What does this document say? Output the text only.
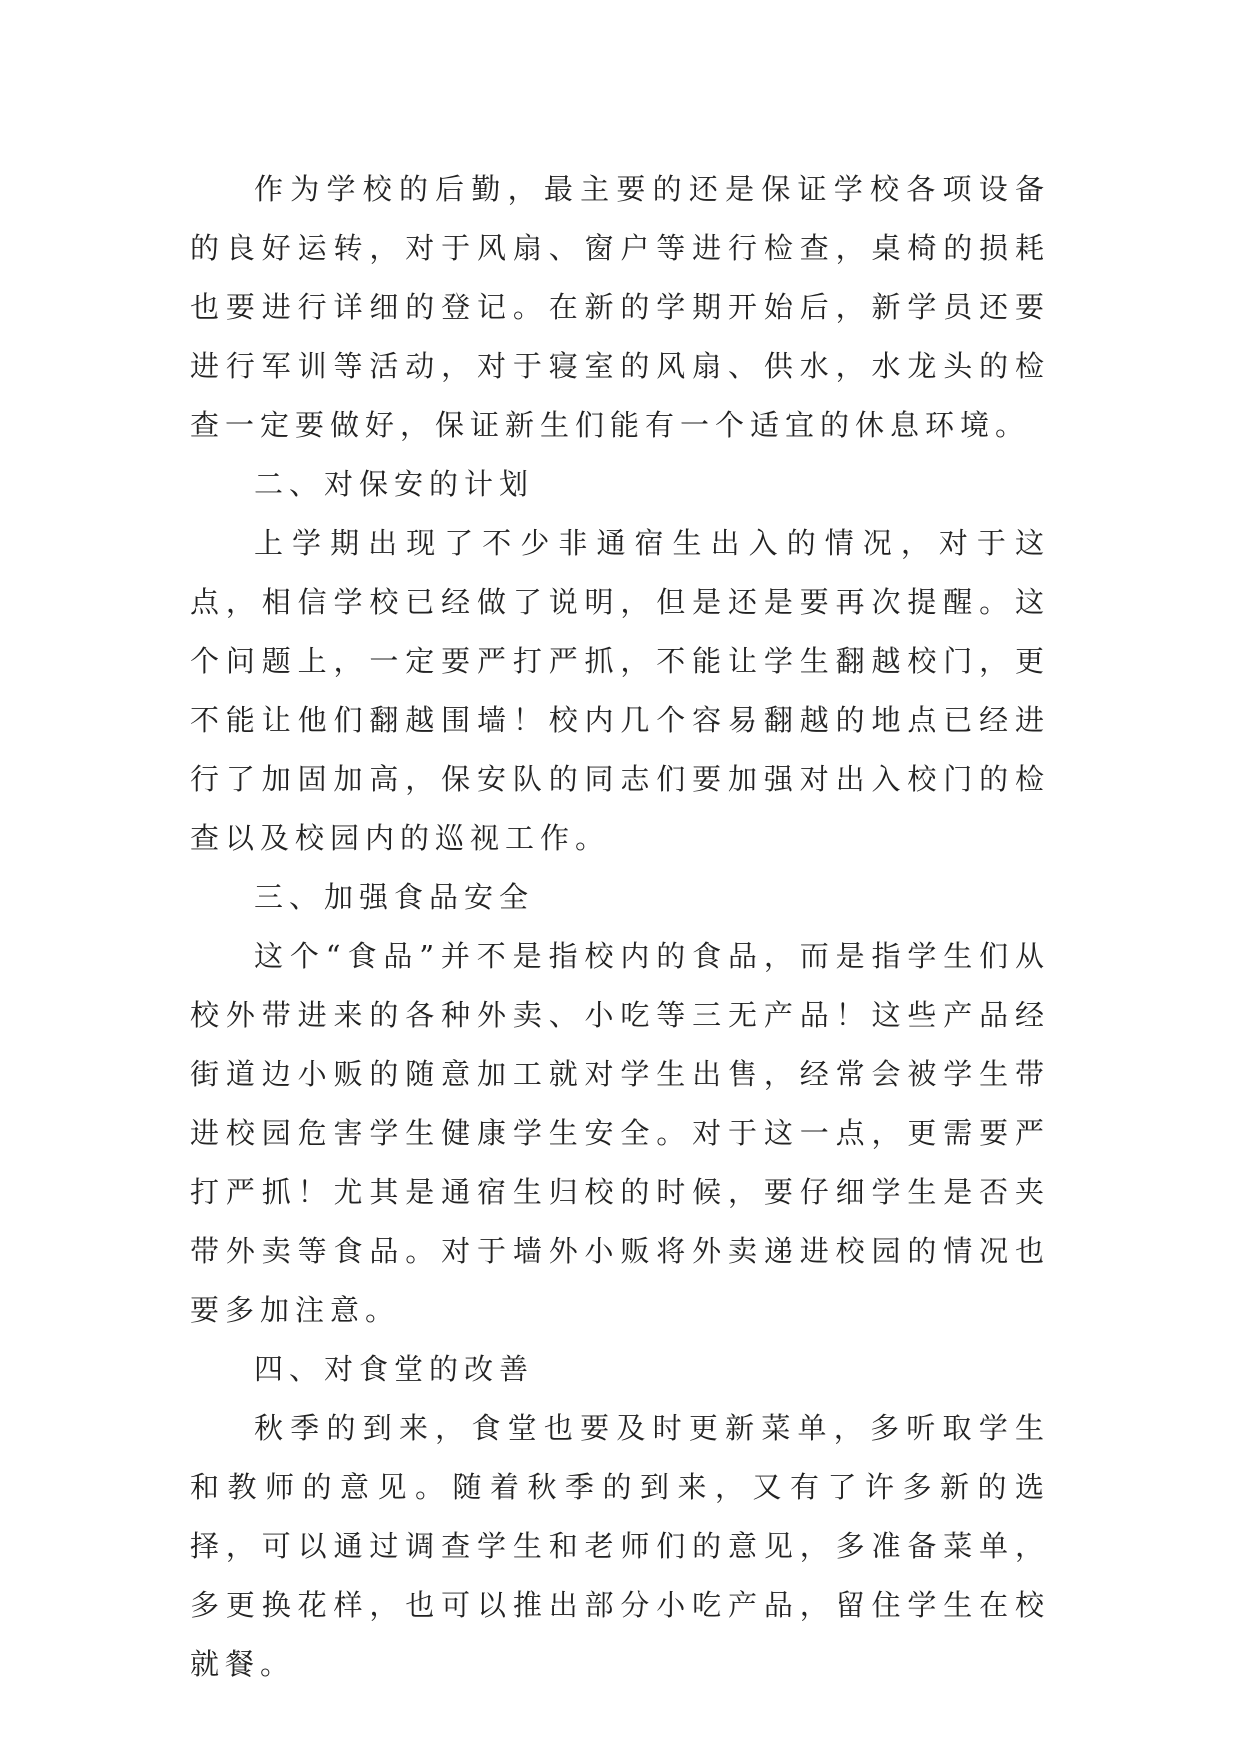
作为学校的后勤，最主要的还是保证学校各项设备的良好运转，对于风扇、窗户等进行检查，桌椅的损耗也要进行详细的登记。在新的学期开始后，新学员还要进行军训等活动，对于寝室的风扇、供水，水龙头的检查一定要做好，保证新生们能有一个适宜的休息环境。

二、对保安的计划

上学期出现了不少非通宿生出入的情况，对于这点，相信学校已经做了说明，但是还是要再次提醒。这个问题上，一定要严打严抓，不能让学生翻越校门，更不能让他们翻越围墙！校内几个容易翻越的地点已经进行了加固加高，保安队的同志们要加强对出入校门的检查以及校园内的巡视工作。

三、加强食品安全

这个“食品”并不是指校内的食品，而是指学生们从校外带进来的各种外卖、小吃等三无产品！这些产品经街道边小贩的随意加工就对学生出售，经常会被学生带进校园危害学生健康学生安全。对于这一点，更需要严打严抓！尤其是通宿生归校的时候，要仔细学生是否夹带外卖等食品。对于墙外小贩将外卖递进校园的情况也要多加注意。

四、对食堂的改善

秋季的到来，食堂也要及时更新菜单，多听取学生和教师的意见。随着秋季的到来，又有了许多新的选择，可以通过调查学生和老师们的意见，多准备菜单，多更换花样，也可以推出部分小吃产品，留住学生在校就餐。
